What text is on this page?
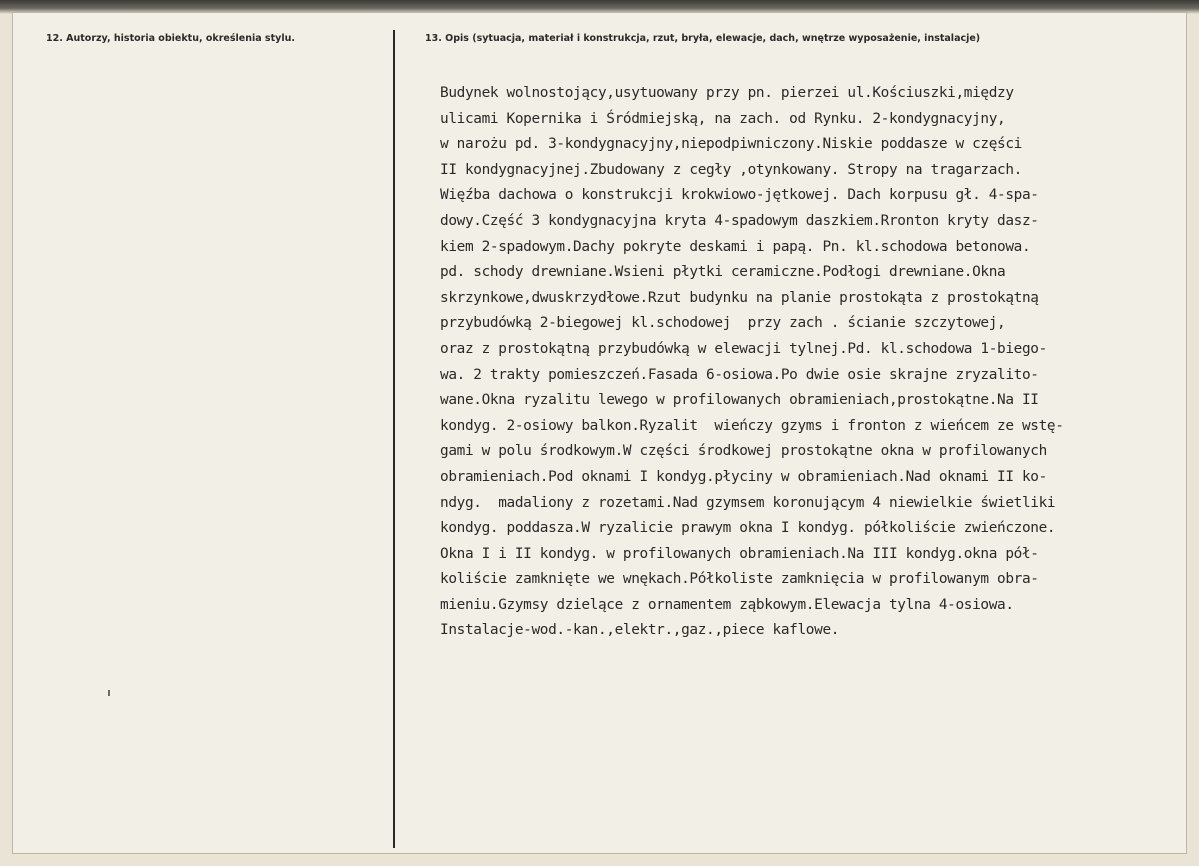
12. Autorzy, historia obiektu, określenia stylu.	13. Opis (sytuacja, materiał i konstrukcja, rzut, bryła, elewacje, dach, wnętrze wyposażenie, instalacje)
Budynek wolnostojący,usytuowany przy pn. pierzei ul.Kościuszki,między
ulicami Kopernika i Śródmiejską, na zach. od Rynku. 2-kondygnacyjny,
w narożu pd. 3-kondygnacyjny,niepodpiwniczony.Niskie poddasze w części
II kondygnacyjnej.Zbudowany z cegły ,otynkowany. Stropy na tragarzach.
Więźba dachowa o konstrukcji krokwiowo-jętkowej. Dach korpusu gł. 4-spa-
dowy.Część 3 kondygnacyjna kryta 4-spadowym daszkiem.Rronton kryty dasz-
kiem 2-spadowym.Dachy pokryte deskami i papą. Pn. kl.schodowa betonowa.
pd. schody drewniane.Wsieni płytki ceramiczne.Podłogi drewniane.Okna
skrzynkowe,dwuskrzydłowe.Rzut budynku na planie prostokąta z prostokątną
przybudówką 2-biegowej kl.schodowej  przy zach . ścianie szczytowej,
oraz z prostokątną przybudówką w elewacji tylnej.Pd. kl.schodowa 1-biego-
wa. 2 trakty pomieszczeń.Fasada 6-osiowa.Po dwie osie skrajne zryzalito-
wane.Okna ryzalitu lewego w profilowanych obramieniach,prostokątne.Na II
kondyg. 2-osiowy balkon.Ryzalit  wieńczy gzyms i fronton z wieńcem ze wstę-
gami w polu środkowym.W części środkowej prostokątne okna w profilowanych
obramieniach.Pod oknami I kondyg.płyciny w obramieniach.Nad oknami II ko-
ndyg.  madaliony z rozetami.Nad gzymsem koronującym 4 niewielkie świetliki
kondyg. poddasza.W ryzalicie prawym okna I kondyg. półkoliście zwieńczone.
Okna I i II kondyg. w profilowanych obramieniach.Na III kondyg.okna pół-
koliście zamknięte we wnękach.Półkoliste zamknięcia w profilowanym obra-
mieniu.Gzymsy dzielące z ornamentem ząbkowym.Elewacja tylna 4-osiowa.
Instalacje-wod.-kan.,elektr.,gaz.,piece kaflowe.
